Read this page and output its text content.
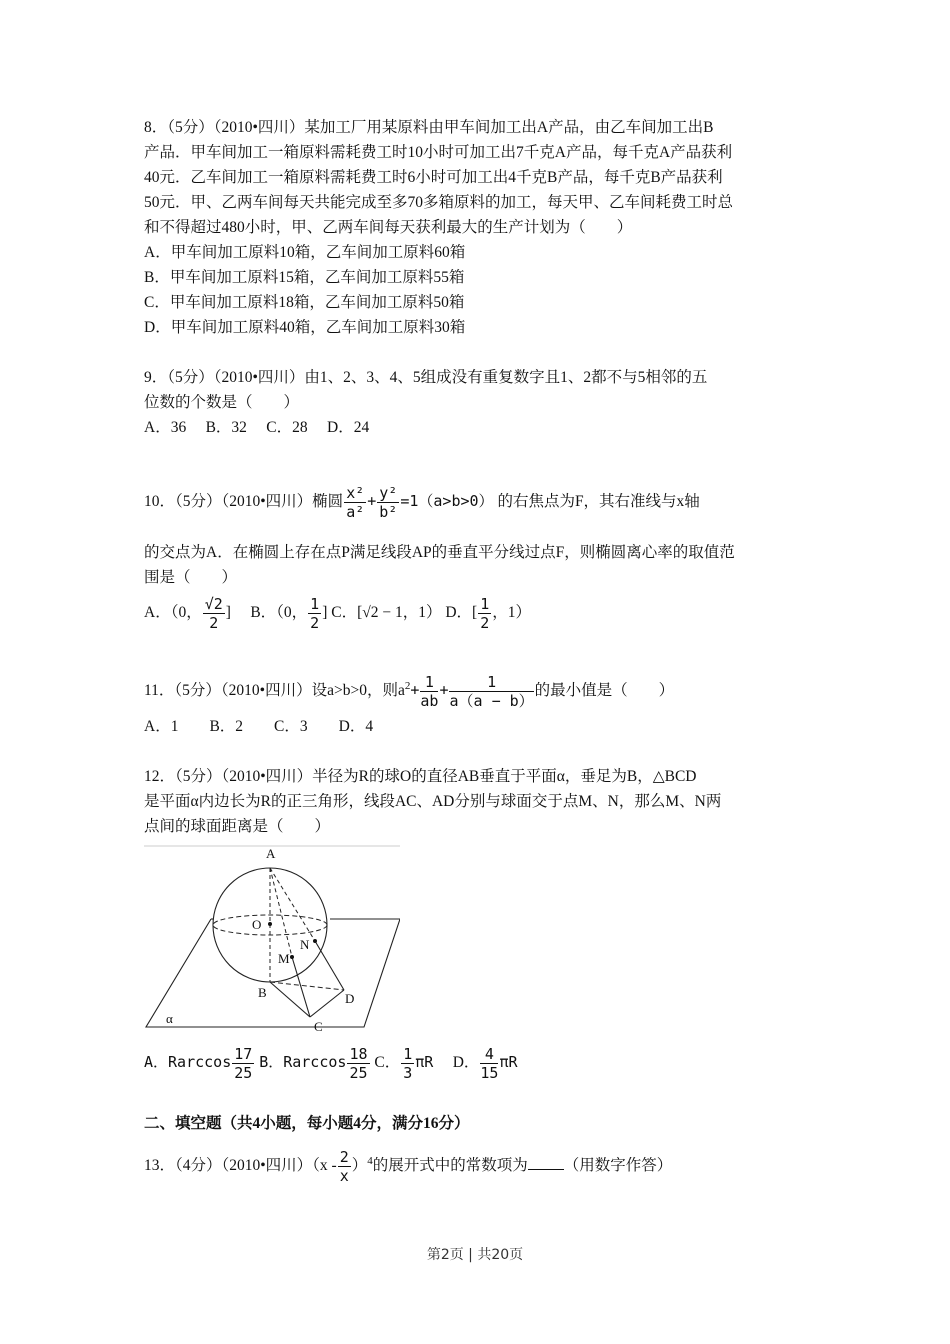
8．（5分）（2010•四川）某加工厂用某原料由甲车间加工出A产品，由乙车间加工出B
产品．甲车间加工一箱原料需耗费工时10小时可加工出7千克A产品，每千克A产品获利
40元．乙车间加工一箱原料需耗费工时6小时可加工出4千克B产品，每千克B产品获利
50元．甲、乙两车间每天共能完成至多70多箱原料的加工，每天甲、乙车间耗费工时总
和不得超过480小时，甲、乙两车间每天获利最大的生产计划为（　　）
A．甲车间加工原料10箱，乙车间加工原料60箱
B．甲车间加工原料15箱，乙车间加工原料55箱
C．甲车间加工原料18箱，乙车间加工原料50箱
D．甲车间加工原料40箱，乙车间加工原料30箱
9．（5分）（2010•四川）由1、2、3、4、5组成没有重复数字且1、2都不与5相邻的五
位数的个数是（　　）
A．36　 B．32　 C．28　 D．24
10．（5分）（2010•四川）椭圆 $\frac{\text{x²}}{\text{a²}} + \frac{\text{y²}}{\text{b²}} =1(a>b>0)$ 的右焦点为F，其右准线与x轴
的交点为A．在椭圆上存在点P满足线段AP的垂直平分线过点F，则椭圆离心率的取值范
围是（　　）
A．（0， $\frac{√2}{2}$ ] B．（0， $\frac{1}{2}$ ] C．[√2 − 1，1） D．[ $\frac{1}{2}$ ，1）
11．（5分）（2010•四川）设a>b>0，则$a^2+ \frac{1}{ab} + \frac{1}{a(a - b)}$ 的最小值是（　　）
A．1　　B．2　　C．3　　D．4
12．（5分）（2010•四川）半径为R的球O的直径AB垂直于平面α，垂足为B，△BCD
是平面α内边长为R的正三角形，线段AC、AD分别与球面交于点M、N，那么M、N两
点间的球面距离是（　　）
A
O
N
M
B	D
C
α
A．Rarccos $\frac{17}{25}$ B．Rarccos $\frac{18}{25}$ C． $\frac{1}{3}$ πR D． $\frac{4}{15}$ πR
二、填空题（共4小题，每小题4分，满分16分）
13．（4分）（2010•四川）$(x - \frac{2}{x} )^4$的展开式中的常数项为 （用数字作答）
第2页 | 共20页
